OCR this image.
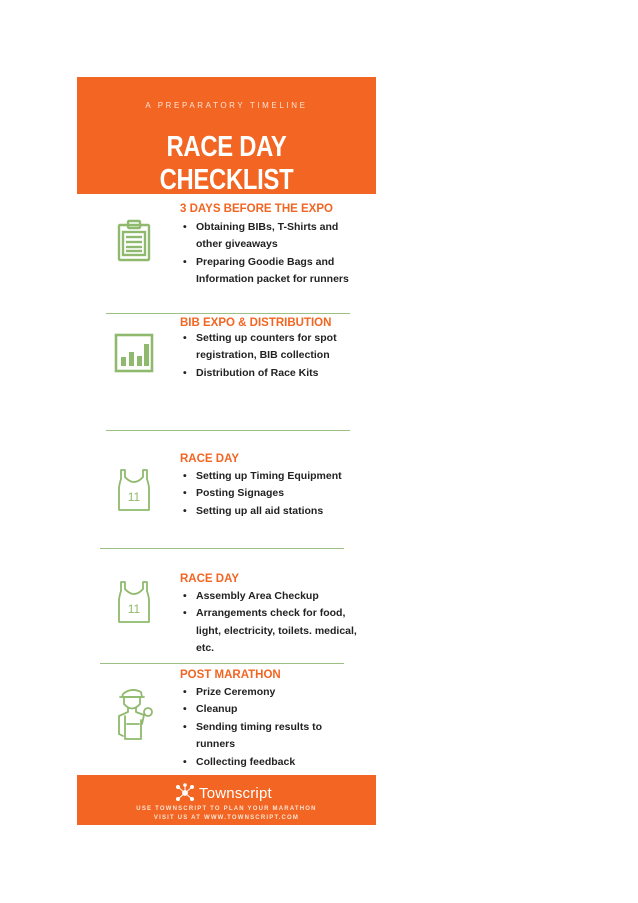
A PREPARATORY TIMELINE
RACE DAY CHECKLIST
3 DAYS BEFORE THE EXPO
• Obtaining BIBs, T-Shirts and other giveaways
• Preparing Goodie Bags and Information packet for runners
BIB EXPO & DISTRIBUTION
• Setting up counters for spot registration, BIB collection
• Distribution of Race Kits
11
RACE DAY
• Setting up Timing Equipment
• Posting Signages
• Setting up all aid stations
11
RACE DAY
• Assembly Area Checkup
• Arrangements check for food, light, electricity, toilets. medical, etc.
POST MARATHON
• Prize Ceremony
• Cleanup
• Sending timing results to runners
• Collecting feedback
Townscript
USE TOWNSCRIPT TO PLAN YOUR MARATHON
VISIT US AT WWW.TOWNSCRIPT.COM
